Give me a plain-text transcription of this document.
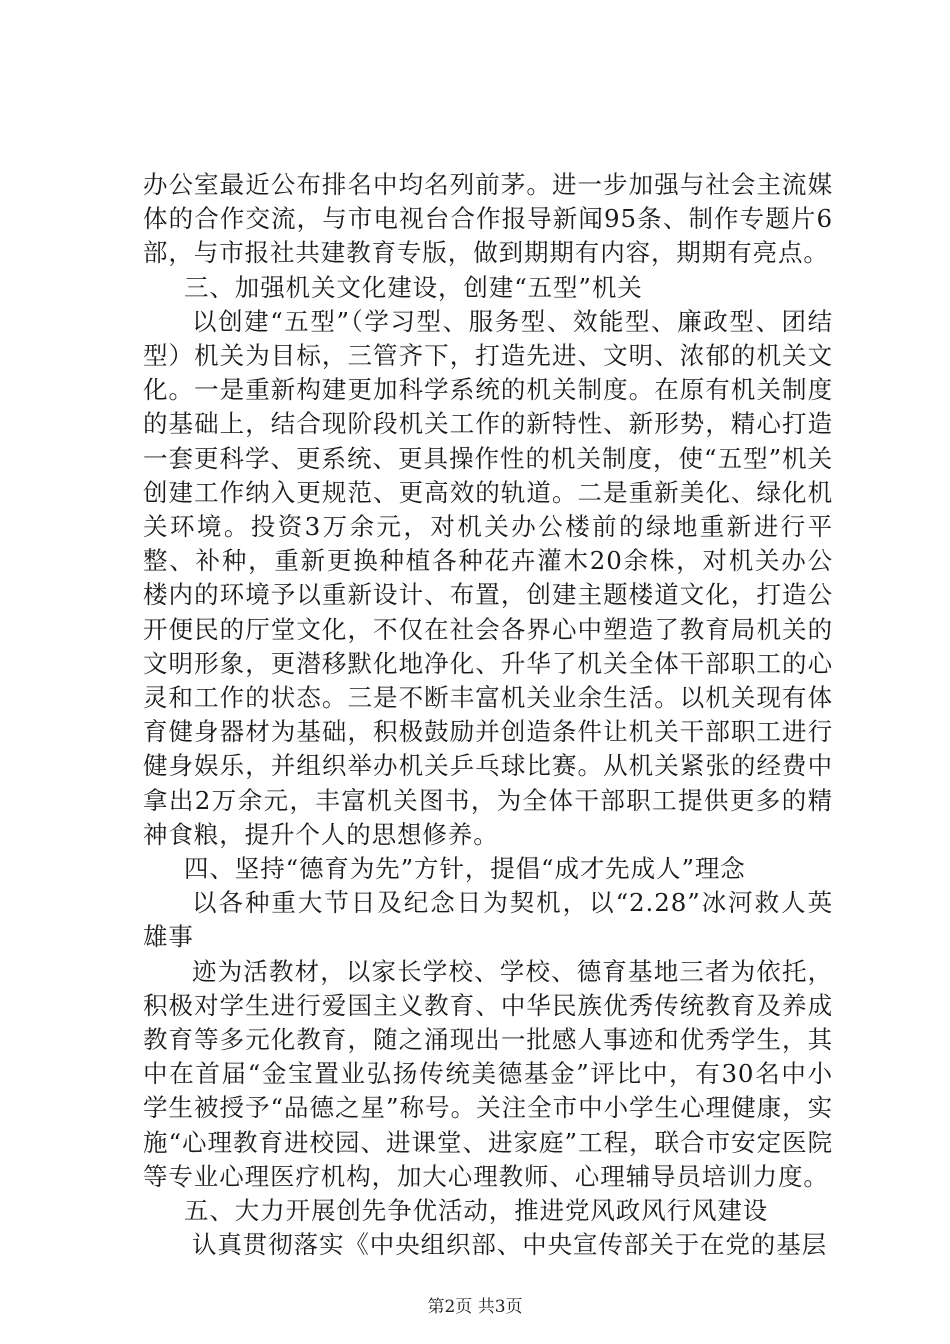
办公室最近公布排名中均名列前茅。进一步加强与社会主流媒体的合作交流，与市电视台合作报导新闻95条、制作专题片6部，与市报社共建教育专版，做到期期有内容，期期有亮点。

三、加强机关文化建设，创建“五型”机关

以创建“五型”（学习型、服务型、效能型、廉政型、团结型）机关为目标，三管齐下，打造先进、文明、浓郁的机关文化。一是重新构建更加科学系统的机关制度。在原有机关制度的基础上，结合现阶段机关工作的新特性、新形势，精心打造一套更科学、更系统、更具操作性的机关制度，使“五型”机关创建工作纳入更规范、更高效的轨道。二是重新美化、绿化机关环境。投资3万余元，对机关办公楼前的绿地重新进行平整、补种，重新更换种植各种花卉灌木20余株，对机关办公楼内的环境予以重新设计、布置，创建主题楼道文化，打造公开便民的厅堂文化，不仅在社会各界心中塑造了教育局机关的文明形象，更潜移默化地净化、升华了机关全体干部职工的心灵和工作的状态。三是不断丰富机关业余生活。以机关现有体育健身器材为基础，积极鼓励并创造条件让机关干部职工进行健身娱乐，并组织举办机关乒乓球比赛。从机关紧张的经费中拿出2万余元，丰富机关图书，为全体干部职工提供更多的精神食粮，提升个人的思想修养。

四、坚持“德育为先”方针，提倡“成才先成人”理念

以各种重大节日及纪念日为契机，以“2.28”冰河救人英雄事

迹为活教材，以家长学校、学校、德育基地三者为依托，积极对学生进行爱国主义教育、中华民族优秀传统教育及养成教育等多元化教育，随之涌现出一批感人事迹和优秀学生，其中在首届“金宝置业弘扬传统美德基金”评比中，有30名中小学生被授予“品德之星”称号。关注全市中小学生心理健康，实施“心理教育进校园、进课堂、进家庭”工程，联合市安定医院等专业心理医疗机构，加大心理教师、心理辅导员培训力度。

五、大力开展创先争优活动，推进党风政风行风建设

认真贯彻落实《中央组织部、中央宣传部关于在党的基层

第2页 共3页
